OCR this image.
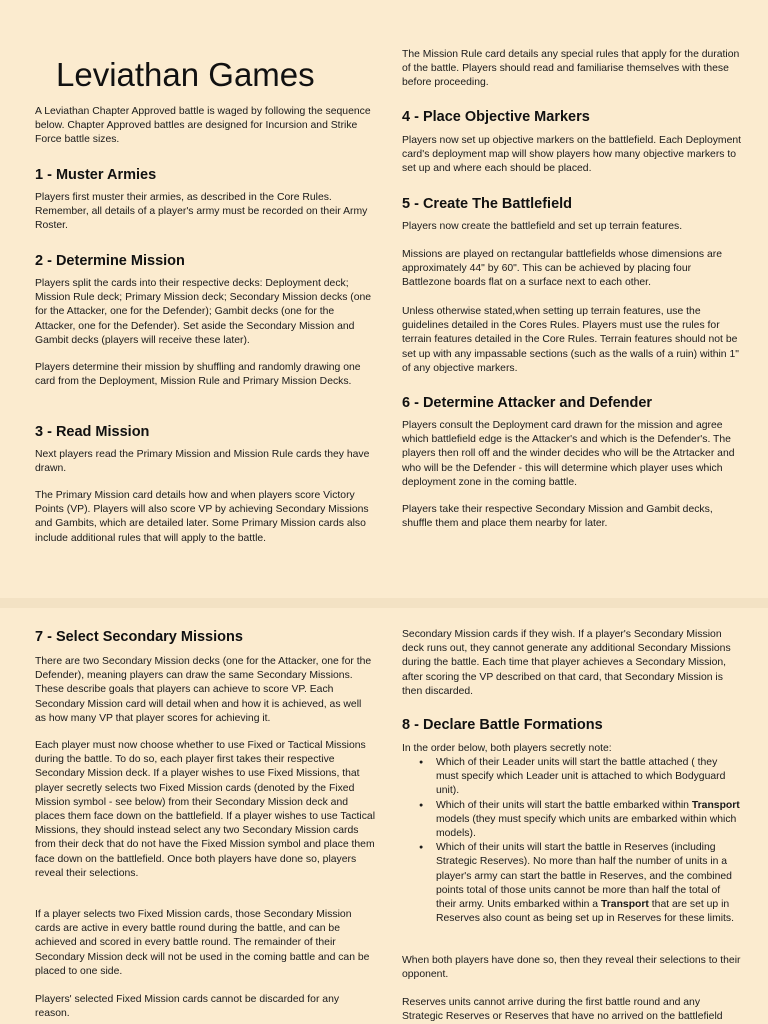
Leviathan Games

A Leviathan Chapter Approved battle is waged by following the sequence below. Chapter Approved battles are designed for Incursion and Strike Force battle sizes.

1 - Muster Armies

Players first muster their armies, as described in the Core Rules. Remember, all details of a player's army must be recorded on their Army Roster.

2 - Determine Mission

Players split the cards into their respective decks: Deployment deck; Mission Rule deck; Primary Mission deck; Secondary Mission decks (one for the Attacker, one for the Defender); Gambit decks (one for the Attacker, one for the Defender). Set aside the Secondary Mission and Gambit decks (players will receive these later).

Players determine their mission by shuffling and randomly drawing one card from the Deployment, Mission Rule and Primary Mission Decks.

3 - Read Mission

Next players read the Primary Mission and Mission Rule cards they have drawn.

The Primary Mission card details how and when players score Victory Points (VP). Players will also score VP by achieving Secondary Missions and Gambits, which are detailed later. Some Primary Mission cards also include additional rules that will apply to the battle.

The Mission Rule card details any special rules that apply for the duration of the battle. Players should read and familiarise themselves with these before proceeding.

4 - Place Objective Markers

Players now set up objective markers on the battlefield. Each Deployment card's deployment map will show players how many objective markers to set up and where each should be placed.

5 - Create The Battlefield

Players now create the battlefield and set up terrain features.

Missions are played on rectangular battlefields whose dimensions are approximately 44" by 60". This can be achieved by placing four Battlezone boards flat on a surface next to each other.

Unless otherwise stated,when setting up terrain features, use the guidelines detailed in the Cores Rules. Players must use the rules for terrain features detailed in the Core Rules. Terrain features should not be set up with any impassable sections (such as the walls of a ruin) within 1" of any objective markers.

6 - Determine Attacker and Defender

Players consult the Deployment card drawn for the mission and agree which battlefield edge is the Attacker's and which is the Defender's. The players then roll off and the winder decides who will be the Atrtacker and who will be the Defender - this will determine which player uses which deployment zone in the coming battle.

Players take their respective Secondary Mission and Gambit decks, shuffle them and place them nearby for later.

7 - Select Secondary Missions

There are two Secondary Mission decks (one for the Attacker, one for the Defender), meaning players can draw the same Secondary Missions. These describe goals that players can achieve to score VP. Each Secondary Mission card will detail when and how it is achieved, as well as how many VP that player scores for achieving it.

Each player must now choose whether to use Fixed or Tactical Missions during the battle. To do so, each player first takes their respective Secondary Mission deck. If a player wishes to use Fixed Missions, that player secretly selects two Fixed Mission cards (denoted by the Fixed Mission symbol - see below) from their Secondary Mission deck and places them face down on the battlefield. If a player wishes to use Tactical Missions, they should instead select any two Secondary Mission cards from their deck that do not have the Fixed Mission symbol and place them face down on the battlefield. Once both players have done so, players reveal their selections.

If a player selects two Fixed Mission cards, those Secondary Mission cards are active in every battle round during the battle, and can be achieved and scored in every battle round. The remainder of their Secondary Mission deck will not be used in the coming battle and can be placed to one side.

Players' selected Fixed Mission cards cannot be discarded for any reason.

Secondary Mission cards if they wish. If a player's Secondary Mission deck runs out, they cannot generate any additional Secondary Missions during the battle. Each time that player achieves a Secondary Mission, after scoring the VP described on that card, that Secondary Mission is then discarded.

8 - Declare Battle Formations

In the order below, both players secretly note:

● Which of their Leader units will start the battle attached ( they must specify which Leader unit is attached to which Bodyguard unit).
● Which of their units will start the battle embarked within Transport models (they must specify which units are embarked within which models).
● Which of their units will start the battle in Reserves (including Strategic Reserves). No more than half the number of units in a player's army can start the battle in Reserves, and the combined points total of those units cannot be more than half the total of their army. Units embarked within a Transport that are set up in Reserves also count as being set up in Reserves for these limits.

When both players have done so, then they reveal their selections to their opponent.

Reserves units cannot arrive during the first battle round and any Strategic Reserves or Reserves that have no arrived on the battlefield
